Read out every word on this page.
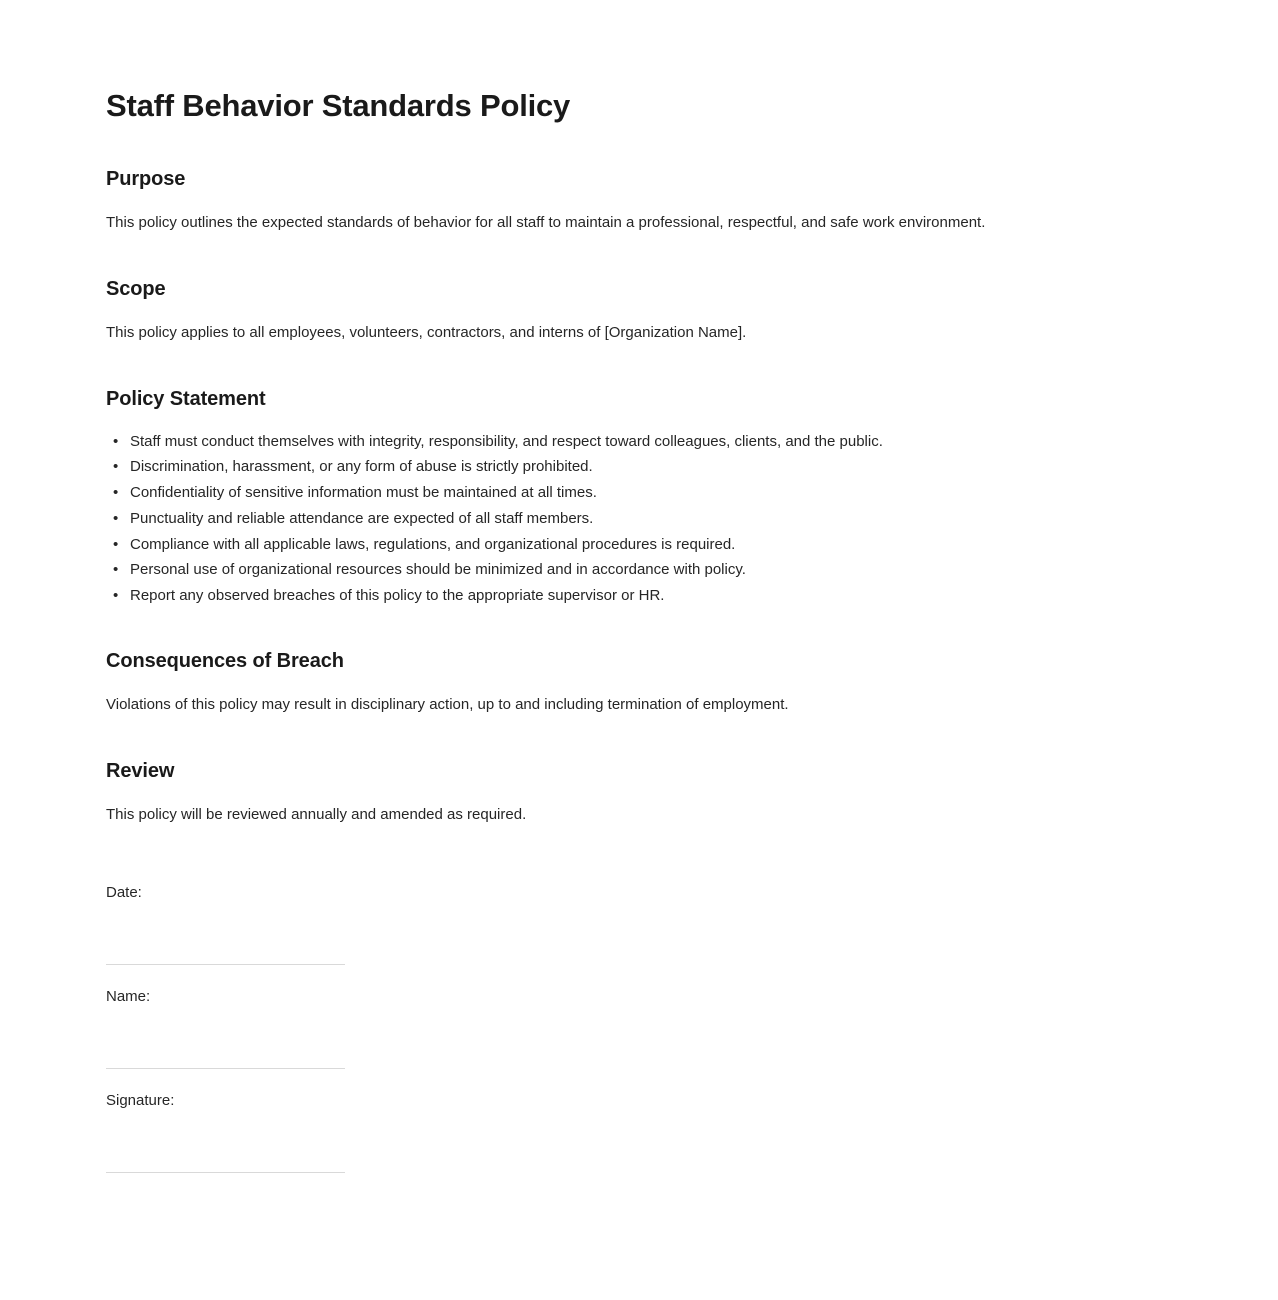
Staff Behavior Standards Policy
Purpose

This policy outlines the expected standards of behavior for all staff to maintain a professional, respectful, and safe work environment.

Scope

This policy applies to all employees, volunteers, contractors, and interns of [Organization Name].

Policy Statement
• Staff must conduct themselves with integrity, responsibility, and respect toward colleagues, clients, and the public.
• Discrimination, harassment, or any form of abuse is strictly prohibited.
• Confidentiality of sensitive information must be maintained at all times.
• Punctuality and reliable attendance are expected of all staff members.
• Compliance with all applicable laws, regulations, and organizational procedures is required.
• Personal use of organizational resources should be minimized and in accordance with policy.
• Report any observed breaches of this policy to the appropriate supervisor or HR.
Consequences of Breach

Violations of this policy may result in disciplinary action, up to and including termination of employment.

Review

This policy will be reviewed annually and amended as required.

Date:
Name:
Signature:
